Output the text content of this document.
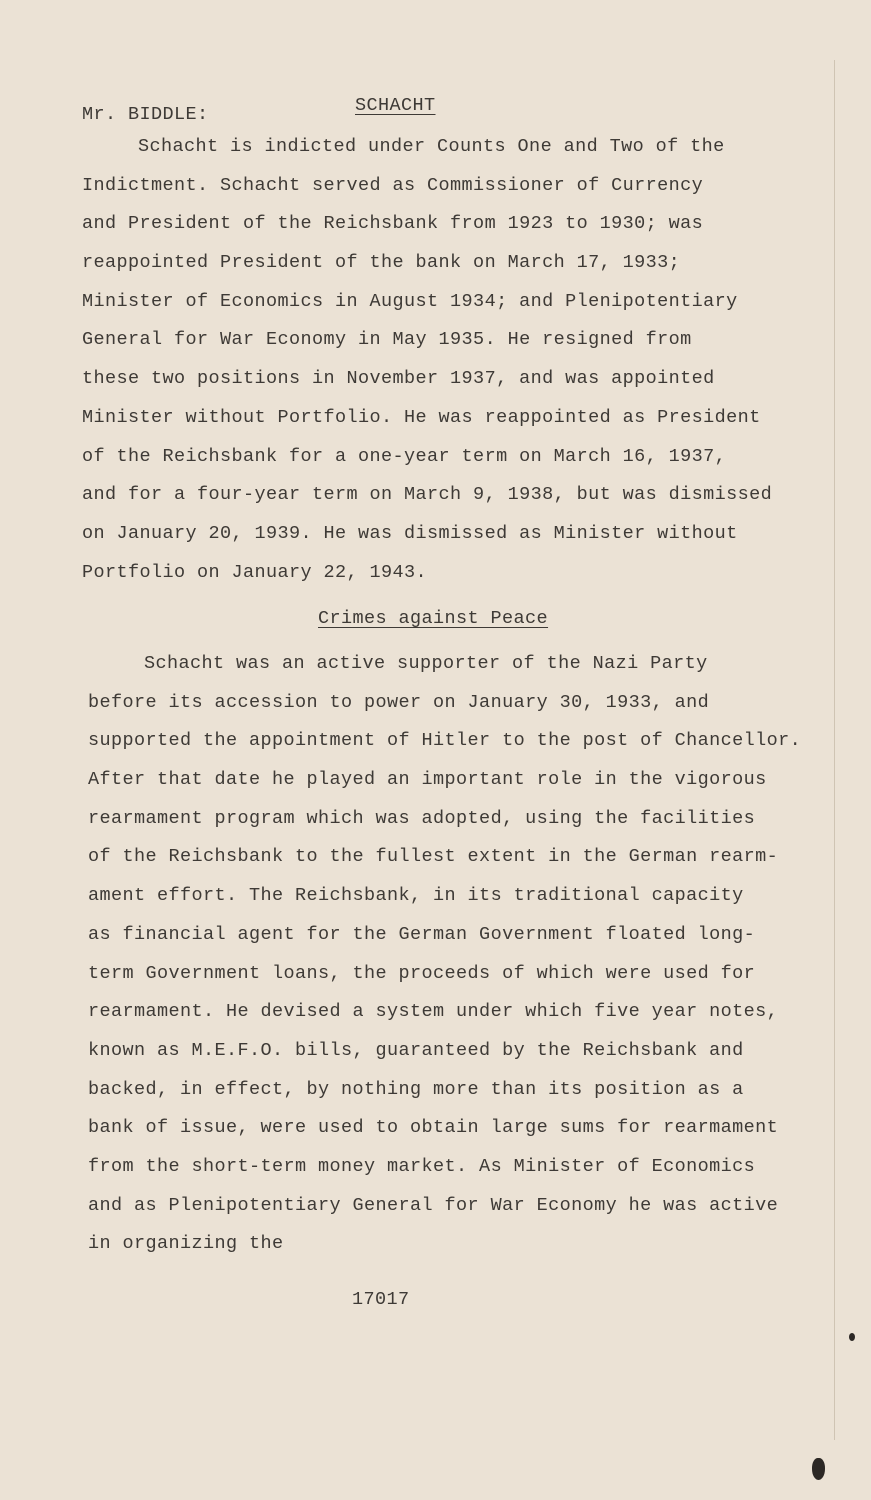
Mr. BIDDLE:	SCHACHT
Schacht is indicted under Counts One and Two of the
Indictment. Schacht served as Commissioner of Currency
and President of the Reichsbank from 1923 to 1930; was
reappointed President of the bank on March 17, 1933;
Minister of Economics in August 1934; and Plenipotentiary
General for War Economy in May 1935. He resigned from
these two positions in November 1937, and was appointed
Minister without Portfolio. He was reappointed as President
of the Reichsbank for a one-year term on March 16, 1937,
and for a four-year term on March 9, 1938, but was dismissed
on January 20, 1939. He was dismissed as Minister without
Portfolio on January 22, 1943.
Crimes against Peace
Schacht was an active supporter of the Nazi Party
before its accession to power on January 30, 1933, and
supported the appointment of Hitler to the post of Chancellor.
After that date he played an important role in the vigorous
rearmament program which was adopted, using the facilities
of the Reichsbank to the fullest extent in the German rearm-
ament effort. The Reichsbank, in its traditional capacity
as financial agent for the German Government floated long-
term Government loans, the proceeds of which were used for
rearmament. He devised a system under which five year notes,
known as M.E.F.O. bills, guaranteed by the Reichsbank and
backed, in effect, by nothing more than its position as a
bank of issue, were used to obtain large sums for rearmament
from the short-term money market. As Minister of Economics
and as Plenipotentiary General for War Economy he was active
in organizing the
17017
